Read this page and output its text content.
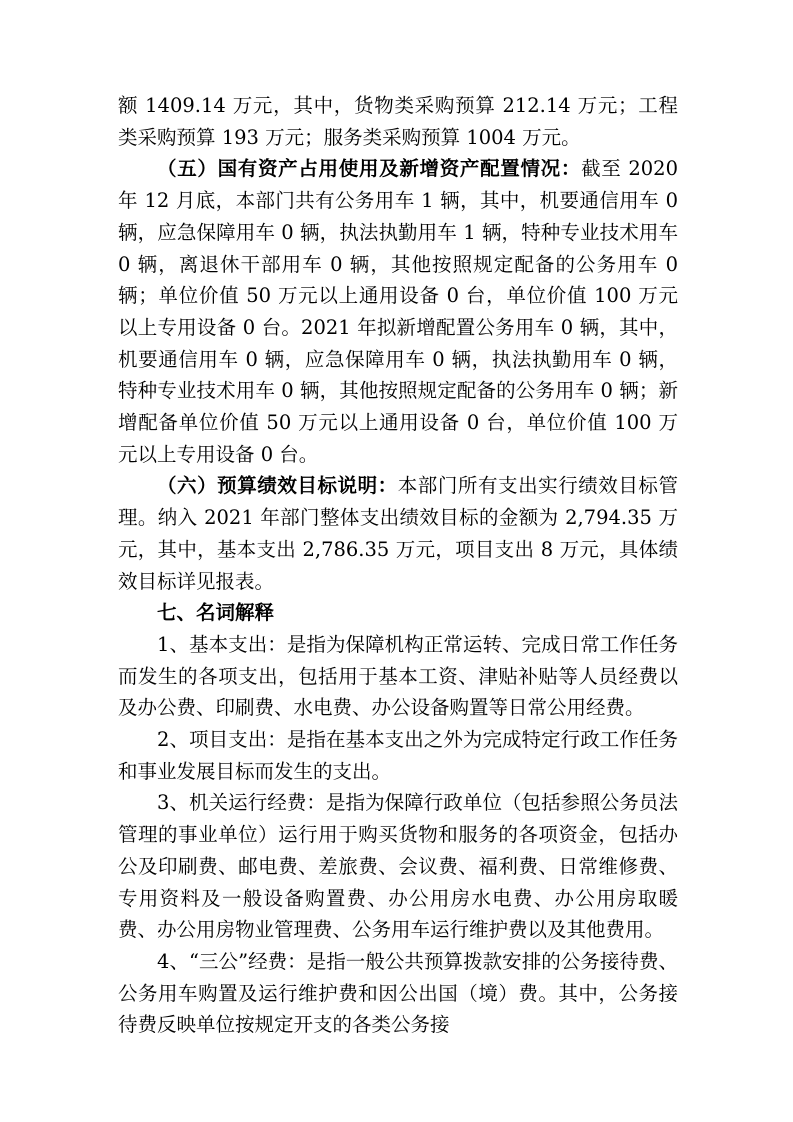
额 1409.14 万元，其中，货物类采购预算 212.14 万元；工程类采购预算 193 万元；服务类采购预算 1004 万元。

（五）国有资产占用使用及新增资产配置情况：截至 2020 年 12 月底，本部门共有公务用车 1 辆，其中，机要通信用车 0 辆，应急保障用车 0 辆，执法执勤用车 1 辆，特种专业技术用车 0 辆，离退休干部用车 0 辆，其他按照规定配备的公务用车 0 辆；单位价值 50 万元以上通用设备 0 台，单位价值 100 万元以上专用设备 0 台。2021 年拟新增配置公务用车 0 辆，其中，机要通信用车 0 辆，应急保障用车 0 辆，执法执勤用车 0 辆，特种专业技术用车 0 辆，其他按照规定配备的公务用车 0 辆；新增配备单位价值 50 万元以上通用设备 0 台，单位价值 100 万元以上专用设备 0 台。

（六）预算绩效目标说明：本部门所有支出实行绩效目标管理。纳入 2021 年部门整体支出绩效目标的金额为 2,794.35 万元，其中，基本支出 2,786.35 万元，项目支出 8 万元，具体绩效目标详见报表。

七、名词解释

1、基本支出：是指为保障机构正常运转、完成日常工作任务而发生的各项支出，包括用于基本工资、津贴补贴等人员经费以及办公费、印刷费、水电费、办公设备购置等日常公用经费。

2、项目支出：是指在基本支出之外为完成特定行政工作任务和事业发展目标而发生的支出。

3、机关运行经费：是指为保障行政单位（包括参照公务员法管理的事业单位）运行用于购买货物和服务的各项资金，包括办公及印刷费、邮电费、差旅费、会议费、福利费、日常维修费、专用资料及一般设备购置费、办公用房水电费、办公用房取暖费、办公用房物业管理费、公务用车运行维护费以及其他费用。

4、“三公”经费：是指一般公共预算拨款安排的公务接待费、公务用车购置及运行维护费和因公出国（境）费。其中，公务接待费反映单位按规定开支的各类公务接
